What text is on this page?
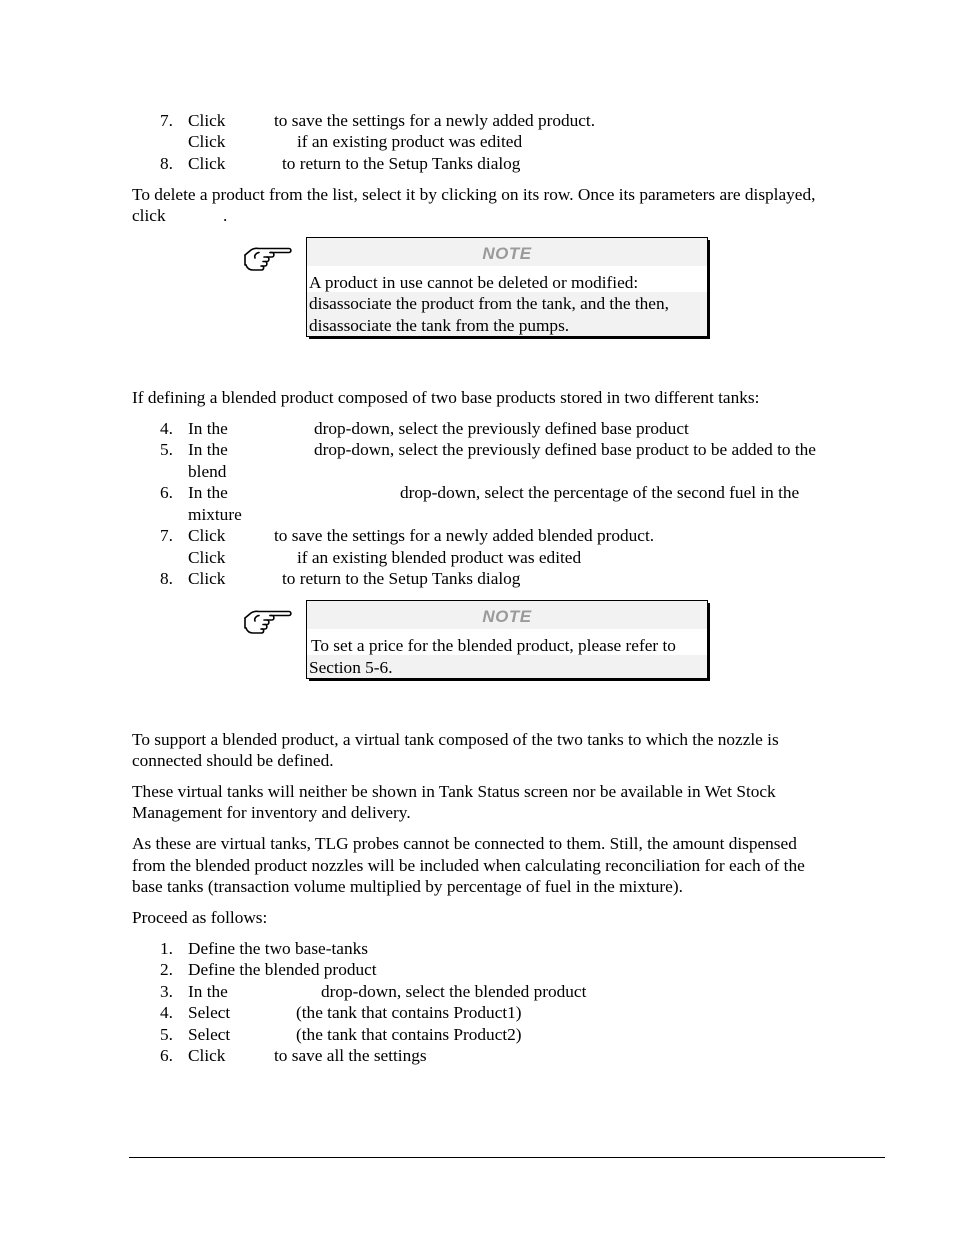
7. Click	to save the settings for a newly added product.
Click	if an existing product was edited
8. Click	to return to the Setup Tanks dialog
To delete a product from the list, select it by clicking on its row. Once its parameters are displayed,
click	.
NOTE
A product in use cannot be deleted or modified:
disassociate the product from the tank, and the then,
disassociate the tank from the pumps.
If defining a blended product composed of two base products stored in two different tanks:
4. In the	drop-down, select the previously defined base product
5. In the	drop-down, select the previously defined base product to be added to the
blend
6. In the	drop-down, select the percentage of the second fuel in the
mixture
7. Click	to save the settings for a newly added blended product.
Click	if an existing blended product was edited
8. Click	to return to the Setup Tanks dialog
NOTE
To set a price for the blended product, please refer to
Section 5-6.
To support a blended product, a virtual tank composed of the two tanks to which the nozzle is
connected should be defined.
These virtual tanks will neither be shown in Tank Status screen nor be available in Wet Stock
Management for inventory and delivery.
As these are virtual tanks, TLG probes cannot be connected to them. Still, the amount dispensed
from the blended product nozzles will be included when calculating reconciliation for each of the
base tanks (transaction volume multiplied by percentage of fuel in the mixture).
Proceed as follows:
1. Define the two base-tanks
2. Define the blended product
3. In the	drop-down, select the blended product
4. Select	(the tank that contains Product1)
5. Select	(the tank that contains Product2)
6. Click	to save all the settings
